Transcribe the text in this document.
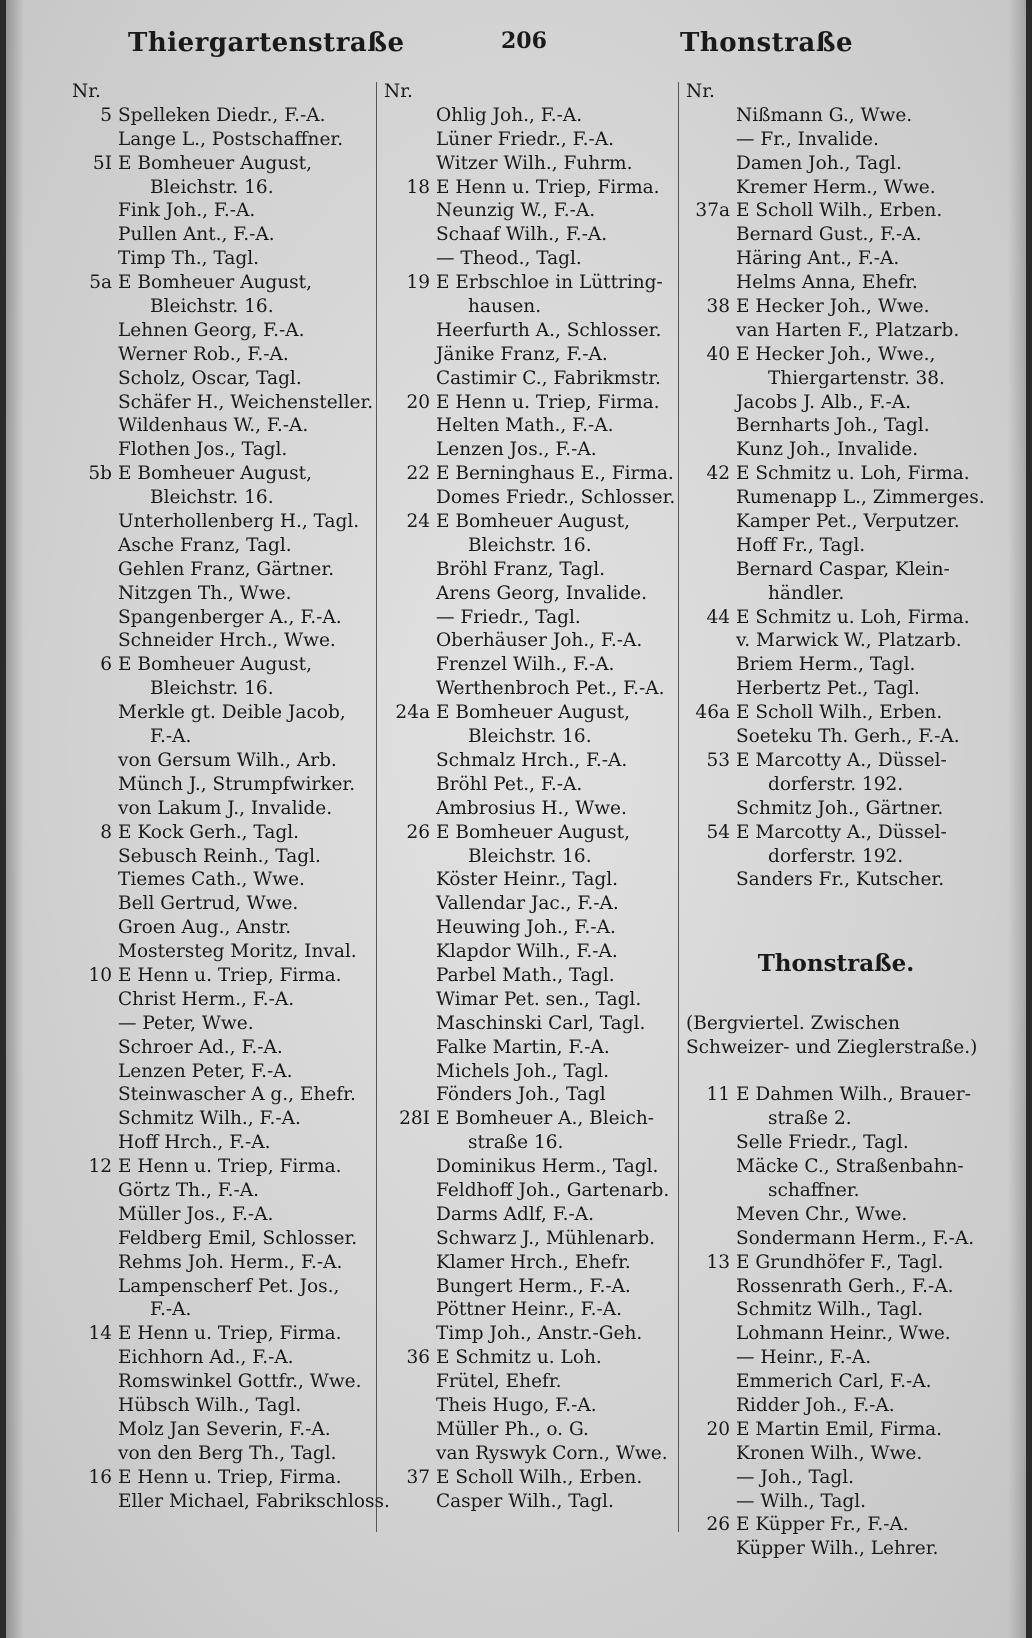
Thiergartenstraße	206	Thonstraße
Nr.
5 Spelleken Diedr., F.-A.
Lange L., Postschaffner.
5I E Bomheuer August,
Bleichstr. 16.
Fink Joh., F.-A.
Pullen Ant., F.-A.
Timp Th., Tagl.
5a E Bomheuer August,
Bleichstr. 16.
Lehnen Georg, F.-A.
Werner Rob., F.-A.
Scholz, Oscar, Tagl.
Schäfer H., Weichensteller.
Wildenhaus W., F.-A.
Flothen Jos., Tagl.
5b E Bomheuer August,
Bleichstr. 16.
Unterhollenberg H., Tagl.
Asche Franz, Tagl.
Gehlen Franz, Gärtner.
Nitzgen Th., Wwe.
Spangenberger A., F.-A.
Schneider Hrch., Wwe.
6 E Bomheuer August,
Bleichstr. 16.
Merkle gt. Deible Jacob,
F.-A.
von Gersum Wilh., Arb.
Münch J., Strumpfwirker.
von Lakum J., Invalide.
8 E Kock Gerh., Tagl.
Sebusch Reinh., Tagl.
Tiemes Cath., Wwe.
Bell Gertrud, Wwe.
Groen Aug., Anstr.
Mostersteg Moritz, Inval.
10 E Henn u. Triep, Firma.
Christ Herm., F.-A.
— Peter, Wwe.
Schroer Ad., F.-A.
Lenzen Peter, F.-A.
Steinwascher A g., Ehefr.
Schmitz Wilh., F.-A.
Hoff Hrch., F.-A.
12 E Henn u. Triep, Firma.
Görtz Th., F.-A.
Müller Jos., F.-A.
Feldberg Emil, Schlosser.
Rehms Joh. Herm., F.-A.
Lampenscherf Pet. Jos.,
F.-A.
14 E Henn u. Triep, Firma.
Eichhorn Ad., F.-A.
Romswinkel Gottfr., Wwe.
Hübsch Wilh., Tagl.
Molz Jan Severin, F.-A.
von den Berg Th., Tagl.
16 E Henn u. Triep, Firma.
Eller Michael, Fabrikschloss.
Nr.
Ohlig Joh., F.-A.
Lüner Friedr., F.-A.
Witzer Wilh., Fuhrm.
18 E Henn u. Triep, Firma.
Neunzig W., F.-A.
Schaaf Wilh., F.-A.
— Theod., Tagl.
19 E Erbschloe in Lüttring-
hausen.
Heerfurth A., Schlosser.
Jänike Franz, F.-A.
Castimir C., Fabrikmstr.
20 E Henn u. Triep, Firma.
Helten Math., F.-A.
Lenzen Jos., F.-A.
22 E Berninghaus E., Firma.
Domes Friedr., Schlosser.
24 E Bomheuer August,
Bleichstr. 16.
Bröhl Franz, Tagl.
Arens Georg, Invalide.
— Friedr., Tagl.
Oberhäuser Joh., F.-A.
Frenzel Wilh., F.-A.
Werthenbroch Pet., F.-A.
24a E Bomheuer August,
Bleichstr. 16.
Schmalz Hrch., F.-A.
Bröhl Pet., F.-A.
Ambrosius H., Wwe.
26 E Bomheuer August,
Bleichstr. 16.
Köster Heinr., Tagl.
Vallendar Jac., F.-A.
Heuwing Joh., F.-A.
Klapdor Wilh., F.-A.
Parbel Math., Tagl.
Wimar Pet. sen., Tagl.
Maschinski Carl, Tagl.
Falke Martin, F.-A.
Michels Joh., Tagl.
Fönders Joh., Tagl
28I E Bomheuer A., Bleich-
straße 16.
Dominikus Herm., Tagl.
Feldhoff Joh., Gartenarb.
Darms Adlf, F.-A.
Schwarz J., Mühlenarb.
Klamer Hrch., Ehefr.
Bungert Herm., F.-A.
Pöttner Heinr., F.-A.
Timp Joh., Anstr.-Geh.
36 E Schmitz u. Loh.
Frütel, Ehefr.
Theis Hugo, F.-A.
Müller Ph., o. G.
van Ryswyk Corn., Wwe.
37 E Scholl Wilh., Erben.
Casper Wilh., Tagl.
Nr.
Nißmann G., Wwe.
— Fr., Invalide.
Damen Joh., Tagl.
Kremer Herm., Wwe.
37a E Scholl Wilh., Erben.
Bernard Gust., F.-A.
Häring Ant., F.-A.
Helms Anna, Ehefr.
38 E Hecker Joh., Wwe.
van Harten F., Platzarb.
40 E Hecker Joh., Wwe.,
Thiergartenstr. 38.
Jacobs J. Alb., F.-A.
Bernharts Joh., Tagl.
Kunz Joh., Invalide.
42 E Schmitz u. Loh, Firma.
Rumenapp L., Zimmerges.
Kamper Pet., Verputzer.
Hoff Fr., Tagl.
Bernard Caspar, Klein-
händler.
44 E Schmitz u. Loh, Firma.
v. Marwick W., Platzarb.
Briem Herm., Tagl.
Herbertz Pet., Tagl.
46a E Scholl Wilh., Erben.
Soeteku Th. Gerh., F.-A.
53 E Marcotty A., Düssel-
dorferstr. 192.
Schmitz Joh., Gärtner.
54 E Marcotty A., Düssel-
dorferstr. 192.
Sanders Fr., Kutscher.
Thonstraße.
(Bergviertel. Zwischen
Schweizer- und Zieglerstraße.)
11 E Dahmen Wilh., Brauer-
straße 2.
Selle Friedr., Tagl.
Mäcke C., Straßenbahn-
schaffner.
Meven Chr., Wwe.
Sondermann Herm., F.-A.
13 E Grundhöfer F., Tagl.
Rossenrath Gerh., F.-A.
Schmitz Wilh., Tagl.
Lohmann Heinr., Wwe.
— Heinr., F.-A.
Emmerich Carl, F.-A.
Ridder Joh., F.-A.
20 E Martin Emil, Firma.
Kronen Wilh., Wwe.
— Joh., Tagl.
— Wilh., Tagl.
26 E Küpper Fr., F.-A.
Küpper Wilh., Lehrer.
